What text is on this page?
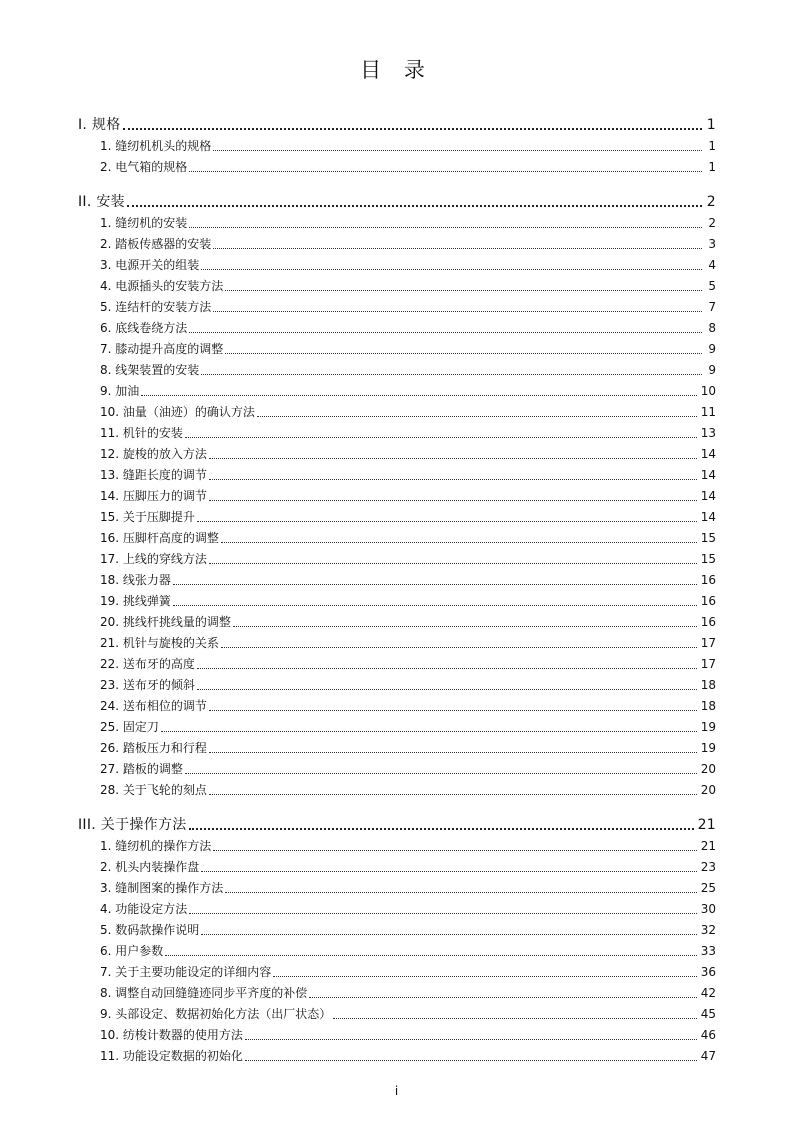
目 录
I. 规格	1
1. 缝纫机机头的规格	1
2. 电气箱的规格	1
II. 安装	2
1. 缝纫机的安装	2
2. 踏板传感器的安装	3
3. 电源开关的组装	4
4. 电源插头的安装方法	5
5. 连结杆的安装方法	7
6. 底线卷绕方法	8
7. 膝动提升高度的调整	9
8. 线架装置的安装	9
9. 加油	10
10. 油量（油迹）的确认方法	11
11. 机针的安装	13
12. 旋梭的放入方法	14
13. 缝距长度的调节	14
14. 压脚压力的调节	14
15. 关于压脚提升	14
16. 压脚杆高度的调整	15
17. 上线的穿线方法	15
18. 线张力器	16
19. 挑线弹簧	16
20. 挑线杆挑线量的调整	16
21. 机针与旋梭的关系	17
22. 送布牙的高度	17
23. 送布牙的倾斜	18
24. 送布相位的调节	18
25. 固定刀	19
26. 踏板压力和行程	19
27. 踏板的调整	20
28. 关于飞轮的刻点	20
III. 关于操作方法	21
1. 缝纫机的操作方法	21
2. 机头内装操作盘	23
3. 缝制图案的操作方法	25
4. 功能设定方法	30
5. 数码款操作说明	32
6. 用户参数	33
7. 关于主要功能设定的详细内容	36
8. 调整自动回缝缝迹同步平齐度的补偿	42
9. 头部设定、数据初始化方法（出厂状态）	45
10. 纺梭计数器的使用方法	46
11. 功能设定数据的初始化	47
i
